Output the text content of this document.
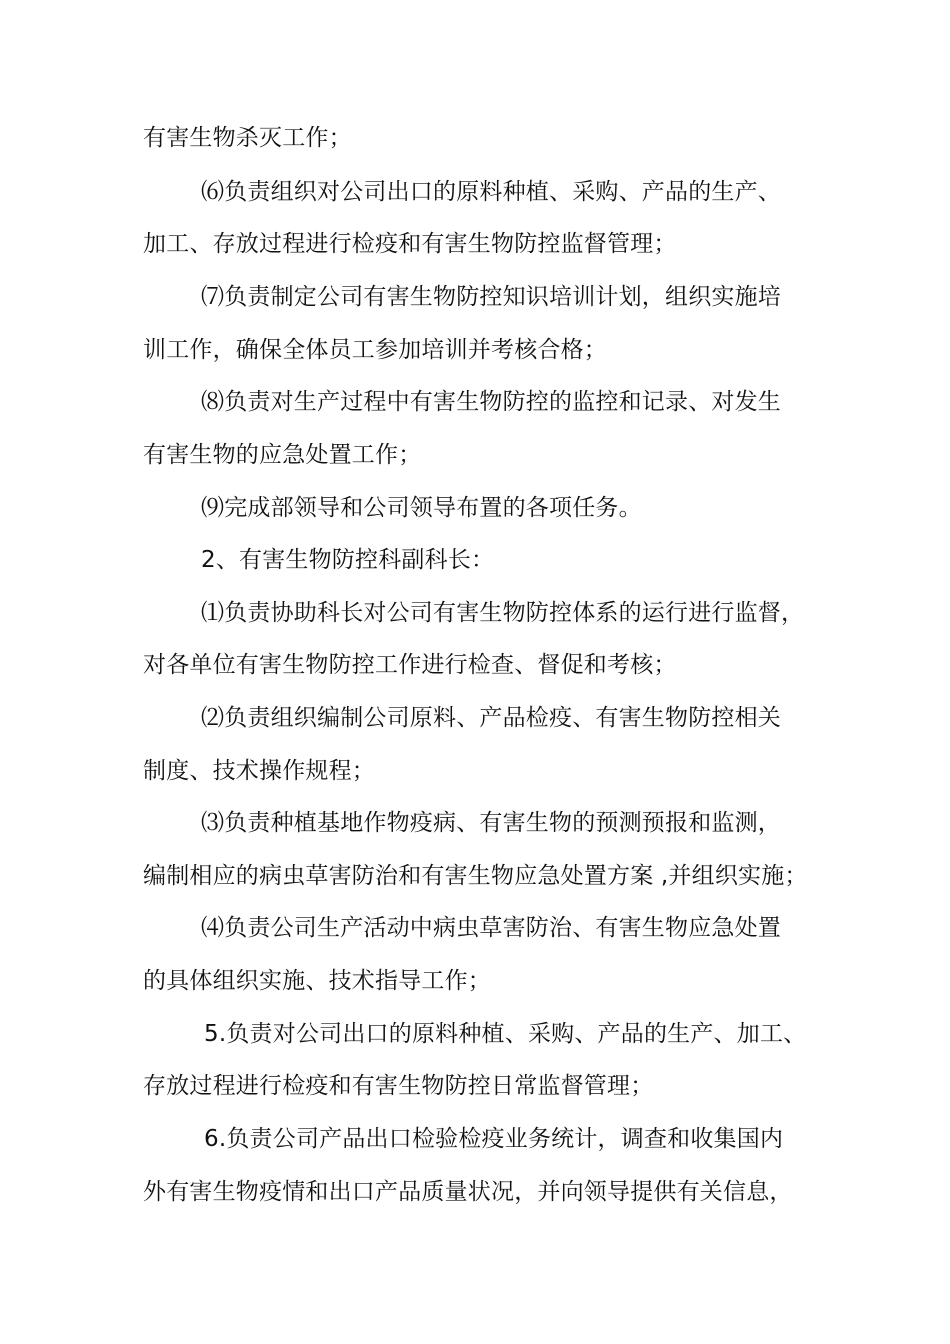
有害生物杀灭工作；

⑹负责组织对公司出口的原料种植、采购、产品的生产、

加工、存放过程进行检疫和有害生物防控监督管理；

⑺负责制定公司有害生物防控知识培训计划，组织实施培

训工作，确保全体员工参加培训并考核合格；

⑻负责对生产过程中有害生物防控的监控和记录、对发生

有害生物的应急处置工作；

⑼完成部领导和公司领导布置的各项任务。

2、有害生物防控科副科长：

⑴负责协助科长对公司有害生物防控体系的运行进行监督，

对各单位有害生物防控工作进行检查、督促和考核；

⑵负责组织编制公司原料、产品检疫、有害生物防控相关

制度、技术操作规程；

⑶负责种植基地作物疫病、有害生物的预测预报和监测，

编制相应的病虫草害防治和有害生物应急处置方案 ,并组织实施；

⑷负责公司生产活动中病虫草害防治、有害生物应急处置

的具体组织实施、技术指导工作；

5.负责对公司出口的原料种植、采购、产品的生产、加工、

存放过程进行检疫和有害生物防控日常监督管理；

6.负责公司产品出口检验检疫业务统计，调查和收集国内

外有害生物疫情和出口产品质量状况，并向领导提供有关信息，
